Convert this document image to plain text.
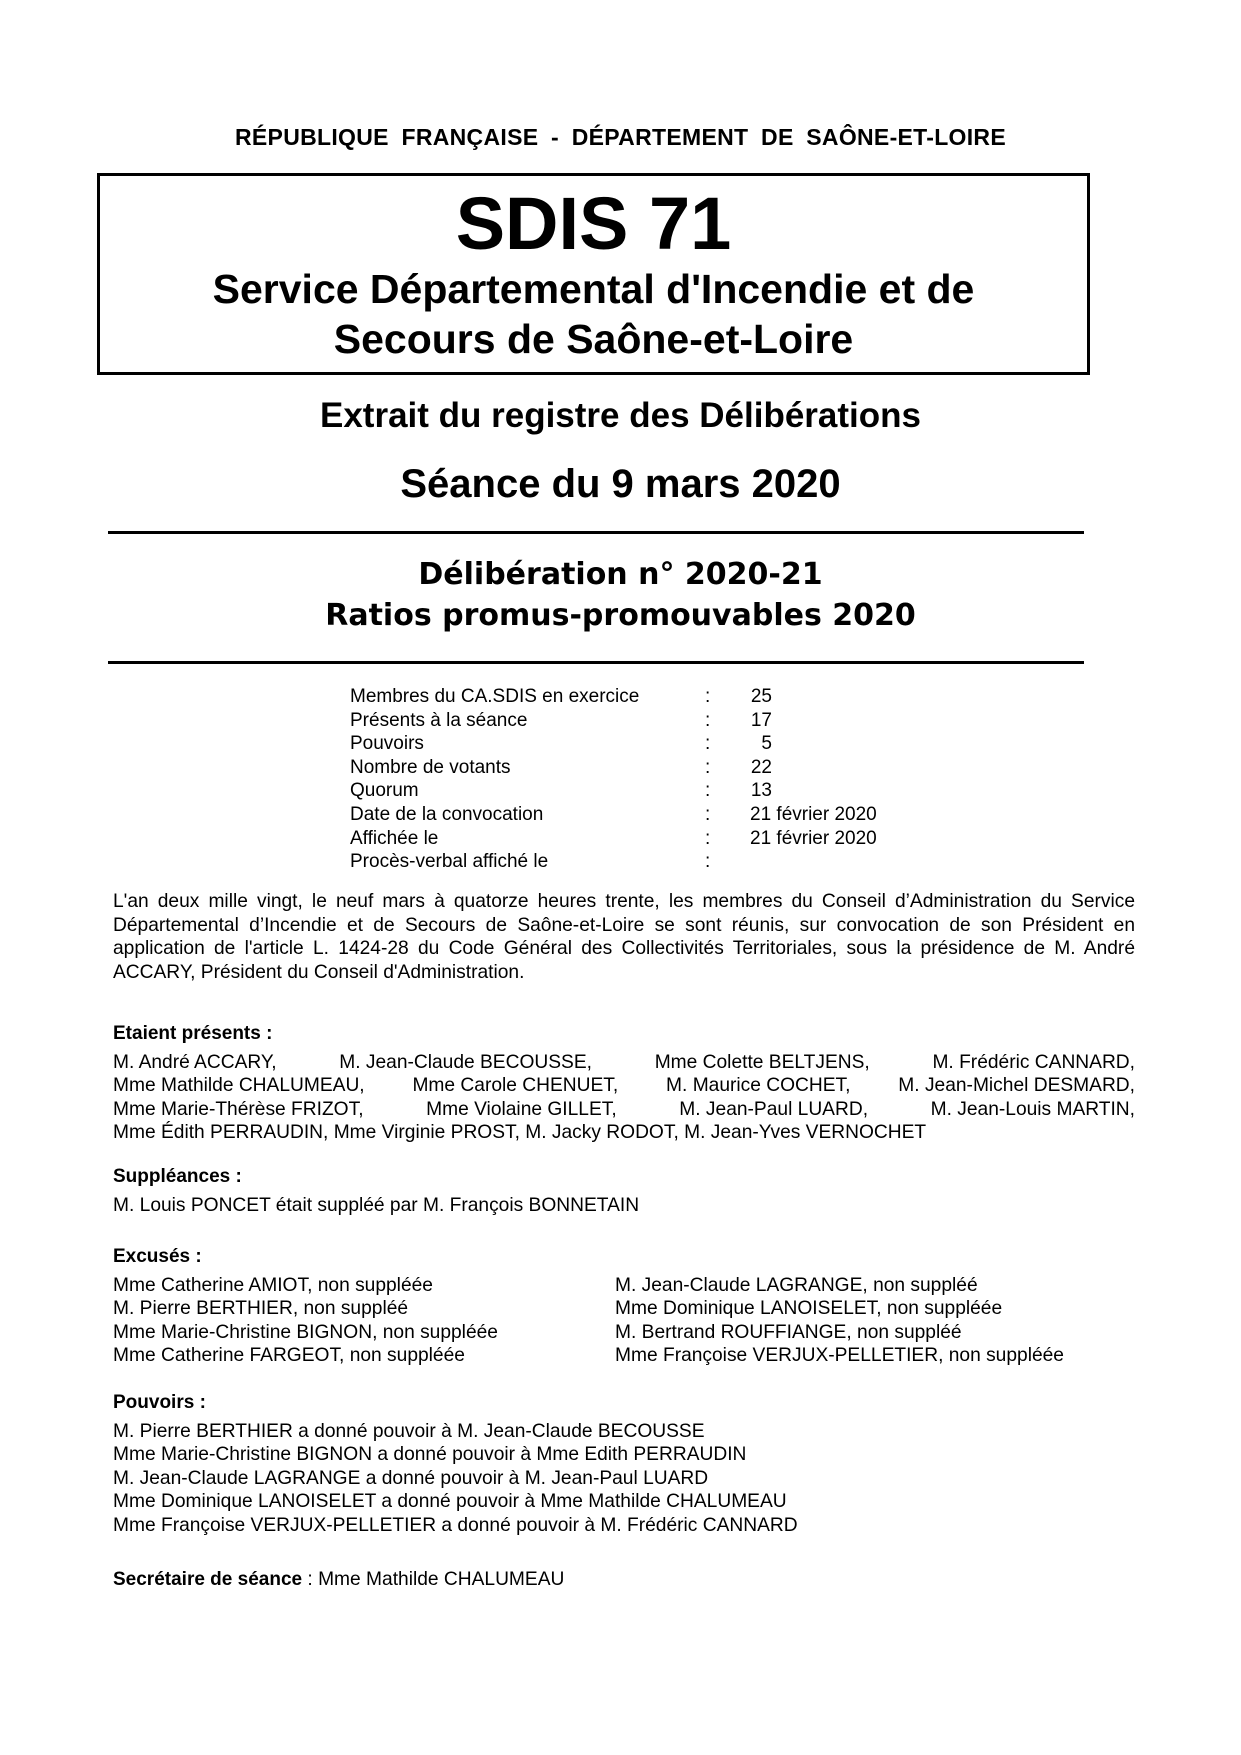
RÉPUBLIQUE FRANÇAISE - DÉPARTEMENT DE SAÔNE-ET-LOIRE
SDIS 71
Service Départemental d'Incendie et de
Secours de Saône-et-Loire
Extrait du registre des Délibérations
Séance du 9 mars 2020
Délibération n° 2020-21
Ratios promus-promouvables 2020
Membres du CA.SDIS en exercice	: 25
Présents à la séance	: 17
Pouvoirs	:	5
Nombre de votants	: 22
Quorum	: 13
Date de la convocation	: 21 février 2020
Affichée le	: 21 février 2020
Procès-verbal affiché le	:
L'an deux mille vingt, le neuf mars à quatorze heures trente, les membres du Conseil d’Administration du Service Départemental d’Incendie et de Secours de Saône-et-Loire se sont réunis, sur convocation de son Président en application de l'article L. 1424-28 du Code Général des Collectivités Territoriales, sous la présidence de M. André ACCARY, Président du Conseil d'Administration.
Etaient présents :
M. André ACCARY,	M. Jean-Claude BECOUSSE,	Mme Colette BELTJENS,	M. Frédéric CANNARD,
Mme Mathilde CHALUMEAU, Mme Carole CHENUET, M. Maurice COCHET, M. Jean-Michel DESMARD,
Mme Marie-Thérèse FRIZOT,	Mme Violaine GILLET,	M. Jean-Paul LUARD,	M. Jean-Louis MARTIN,
Mme Édith PERRAUDIN, Mme Virginie PROST, M. Jacky RODOT, M. Jean-Yves VERNOCHET
Suppléances :
M. Louis PONCET était suppléé par M. François BONNETAIN
Excusés :
Mme Catherine AMIOT, non suppléée
M. Pierre BERTHIER, non suppléé
Mme Marie-Christine BIGNON, non suppléée
Mme Catherine FARGEOT, non suppléée
M. Jean-Claude LAGRANGE, non suppléé
Mme Dominique LANOISELET, non suppléée
M. Bertrand ROUFFIANGE, non suppléé
Mme Françoise VERJUX-PELLETIER, non suppléée
Pouvoirs :
M. Pierre BERTHIER a donné pouvoir à M. Jean-Claude BECOUSSE
Mme Marie-Christine BIGNON a donné pouvoir à Mme Edith PERRAUDIN
M. Jean-Claude LAGRANGE a donné pouvoir à M. Jean-Paul LUARD
Mme Dominique LANOISELET a donné pouvoir à Mme Mathilde CHALUMEAU
Mme Françoise VERJUX-PELLETIER a donné pouvoir à M. Frédéric CANNARD
Secrétaire de séance : Mme Mathilde CHALUMEAU
